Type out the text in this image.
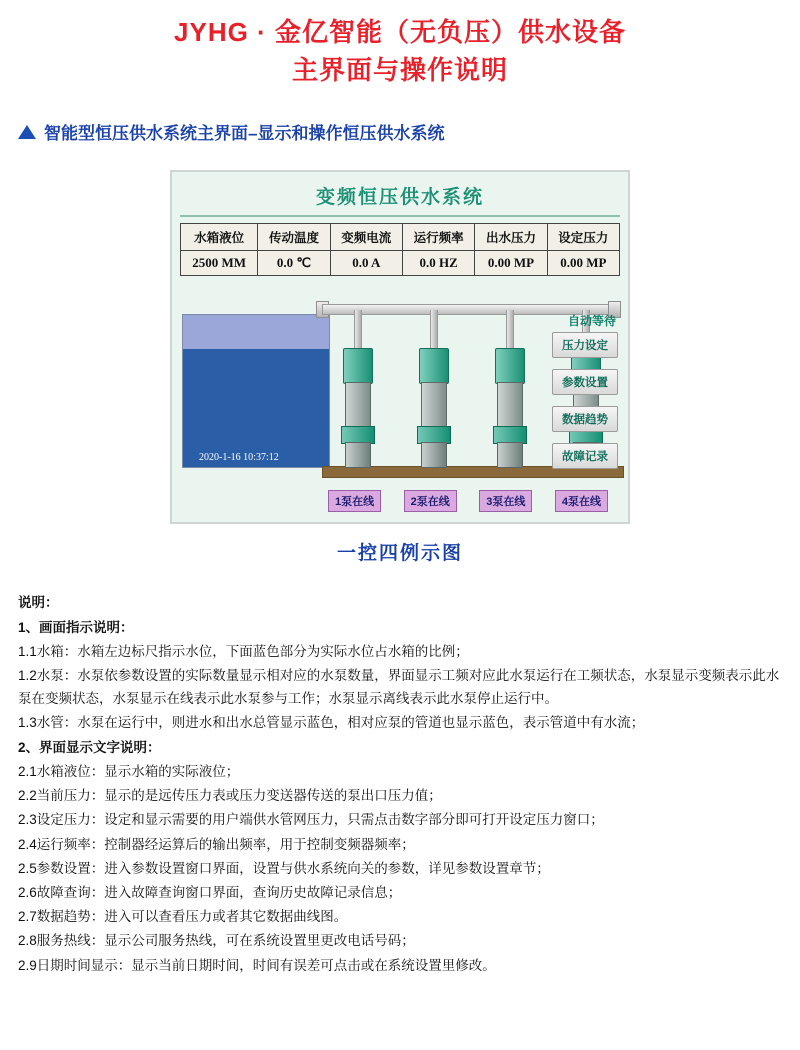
JYHG · 金亿智能（无负压）供水设备
主界面与操作说明
智能型恒压供水系统主界面–显示和操作恒压供水系统
变频恒压供水系统
水箱液位	传动温度	变频电流	运行频率	出水压力	设定压力
2500 MM	0.0 ℃	0.0 A	0.0 HZ	0.00 MP	0.00 MP
2020-1-16 10:37:12
自动等待
压力设定
参数设置
数据趋势
故障记录
1泵在线	2泵在线	3泵在线	4泵在线
一控四例示图

说明：

1、画面指示说明：

1.1水箱：水箱左边标尺指示水位，下面蓝色部分为实际水位占水箱的比例；

1.2水泵：水泵依参数设置的实际数量显示相对应的水泵数量，界面显示工频对应此水泵运行在工频状态，水泵显示变频表示此水泵在变频状态，水泵显示在线表示此水泵参与工作；水泵显示离线表示此水泵停止运行中。

1.3水管：水泵在运行中，则进水和出水总管显示蓝色，相对应泵的管道也显示蓝色，表示管道中有水流；

2、界面显示文字说明：

2.1水箱液位：显示水箱的实际液位；

2.2当前压力：显示的是远传压力表或压力变送器传送的泵出口压力值；

2.3设定压力：设定和显示需要的用户端供水管网压力，只需点击数字部分即可打开设定压力窗口；

2.4运行频率：控制器经运算后的输出频率，用于控制变频器频率；

2.5参数设置：进入参数设置窗口界面，设置与供水系统向关的参数，详见参数设置章节；

2.6故障查询：进入故障查询窗口界面，查询历史故障记录信息；

2.7数据趋势：进入可以查看压力或者其它数据曲线图。

2.8服务热线：显示公司服务热线，可在系统设置里更改电话号码；

2.9日期时间显示：显示当前日期时间，时间有误差可点击或在系统设置里修改。
